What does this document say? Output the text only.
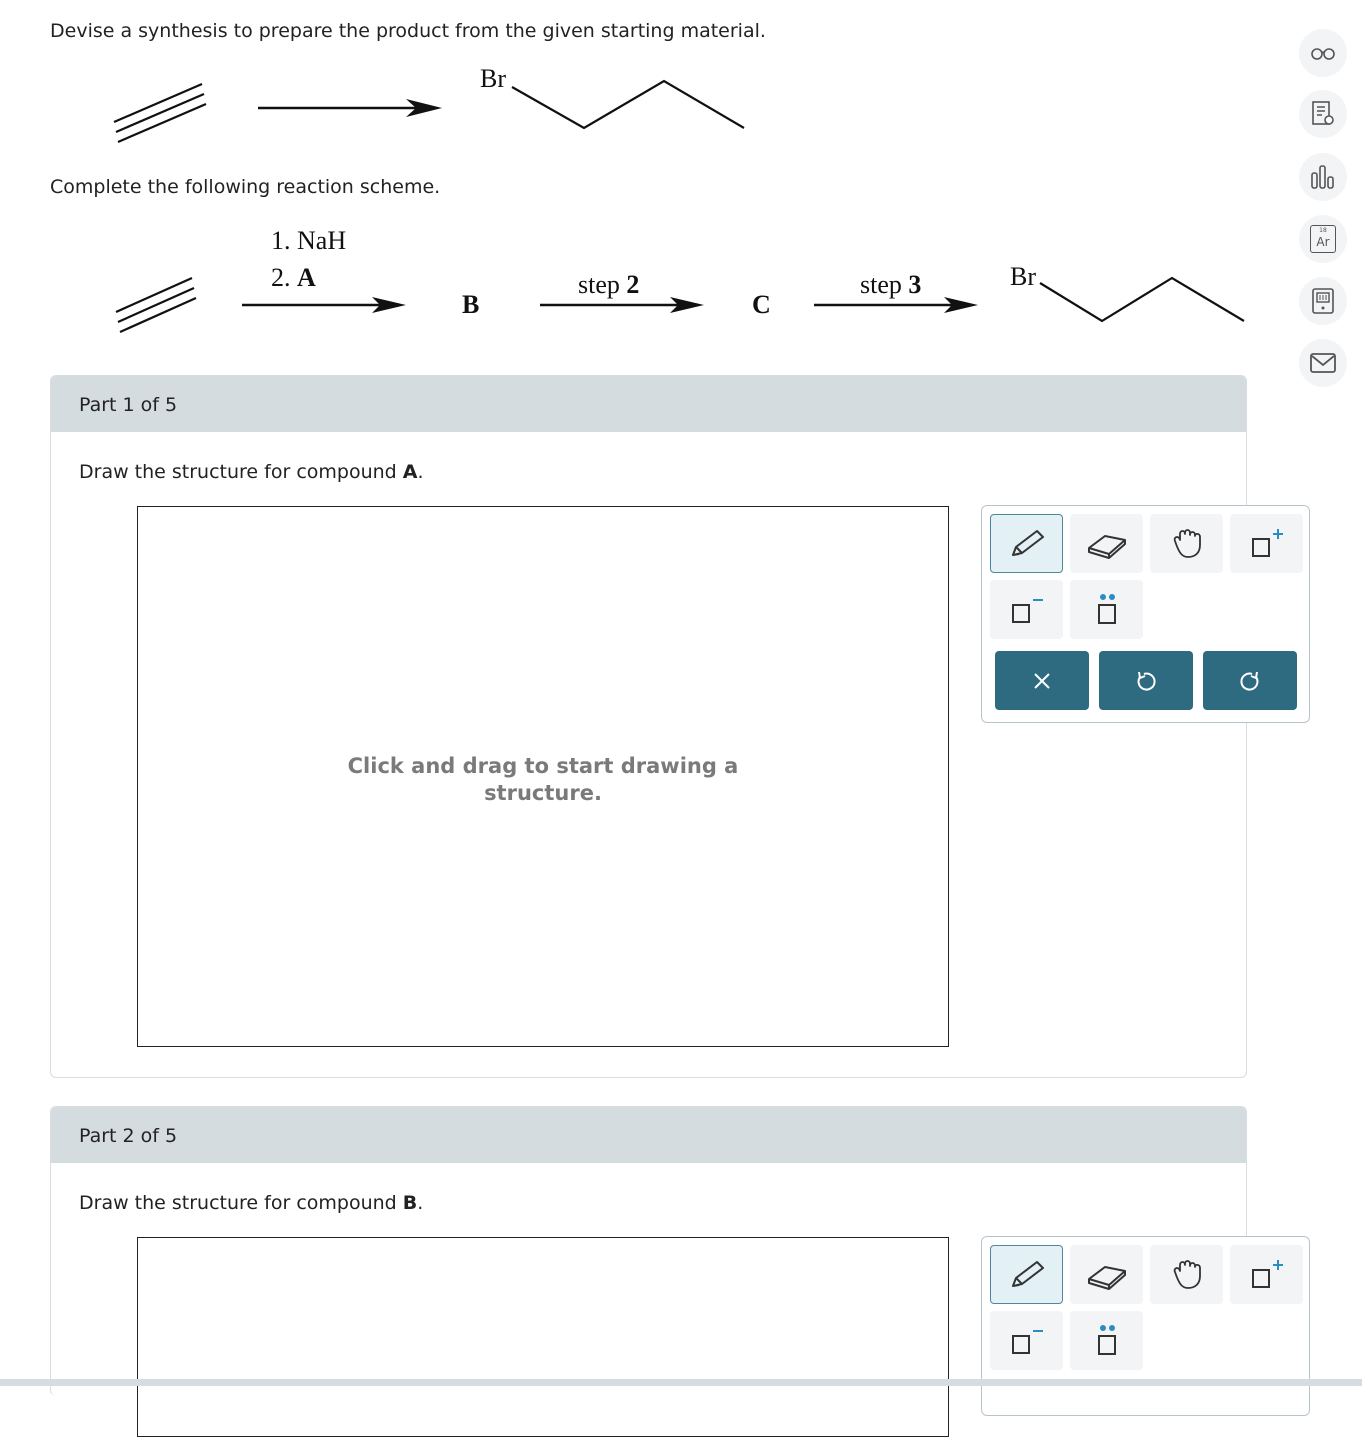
Devise a synthesis to prepare the product from the given starting material.
Br
Complete the following reaction scheme.
1. NaH
2. A
B
step 2
C
step 3	Br
Part 1 of 5
Draw the structure for compound A.
Click and drag to start drawing a structure.
Part 2 of 5
Draw the structure for compound B.
18
Ar
